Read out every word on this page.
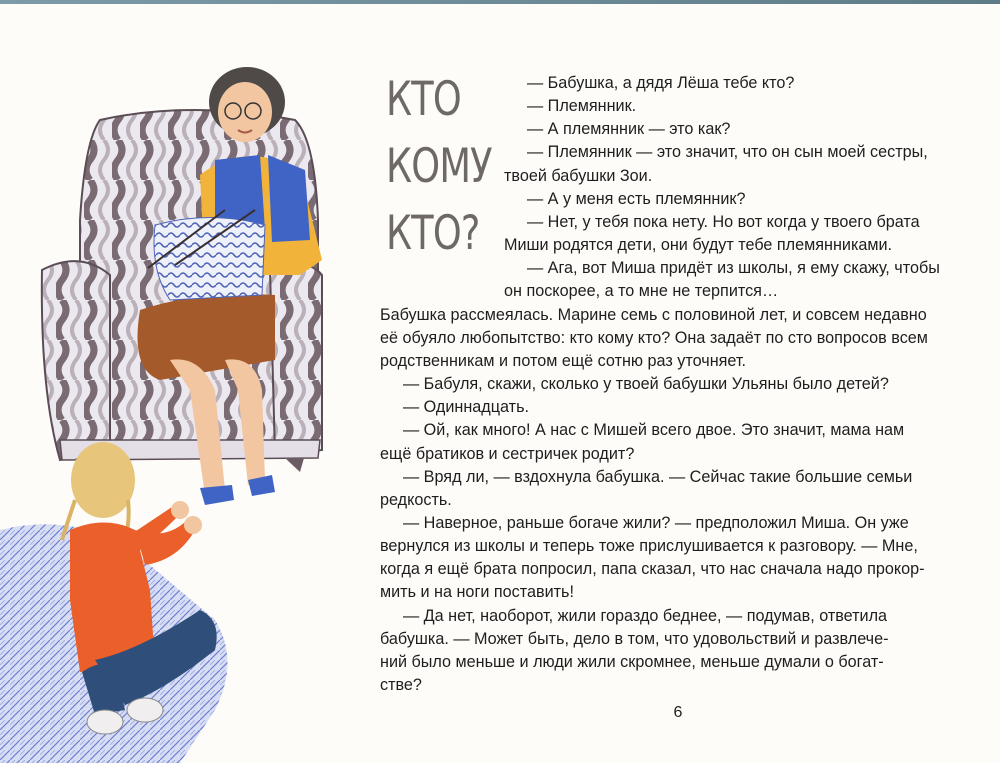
КТО
КОМУ
КТО?

— Бабушка, а дядя Лёша тебе кто?

— Племянник.

— А племянник — это как?

— Племянник — это значит, что он сын моей сестры,

твоей бабушки Зои.

— А у меня есть племянник?

— Нет, у тебя пока нету. Но вот когда у твоего брата

Миши родятся дети, они будут тебе племянниками.

— Ага, вот Миша придёт из школы, я ему скажу, чтобы

он поскорее, а то мне не терпится…

Бабушка рассмеялась. Марине семь с половиной лет, и совсем недавно

её обуяло любопытство: кто кому кто? Она задаёт по сто вопросов всем

родственникам и потом ещё сотню раз уточняет.

— Бабуля, скажи, сколько у твоей бабушки Ульяны было детей?

— Одиннадцать.

— Ой, как много! А нас с Мишей всего двое. Это значит, мама нам

ещё братиков и сестричек родит?

— Вряд ли, — вздохнула бабушка. — Сейчас такие большие семьи

редкость.

— Наверное, раньше богаче жили? — предположил Миша. Он уже

вернулся из школы и теперь тоже прислушивается к разговору. — Мне,

когда я ещё брата попросил, папа сказал, что нас сначала надо прокор-

мить и на ноги поставить!

— Да нет, наоборот, жили гораздо беднее, — подумав, ответила

бабушка. — Может быть, дело в том, что удовольствий и развлече-

ний было меньше и люди жили скромнее, меньше думали о богат-

стве?

6
